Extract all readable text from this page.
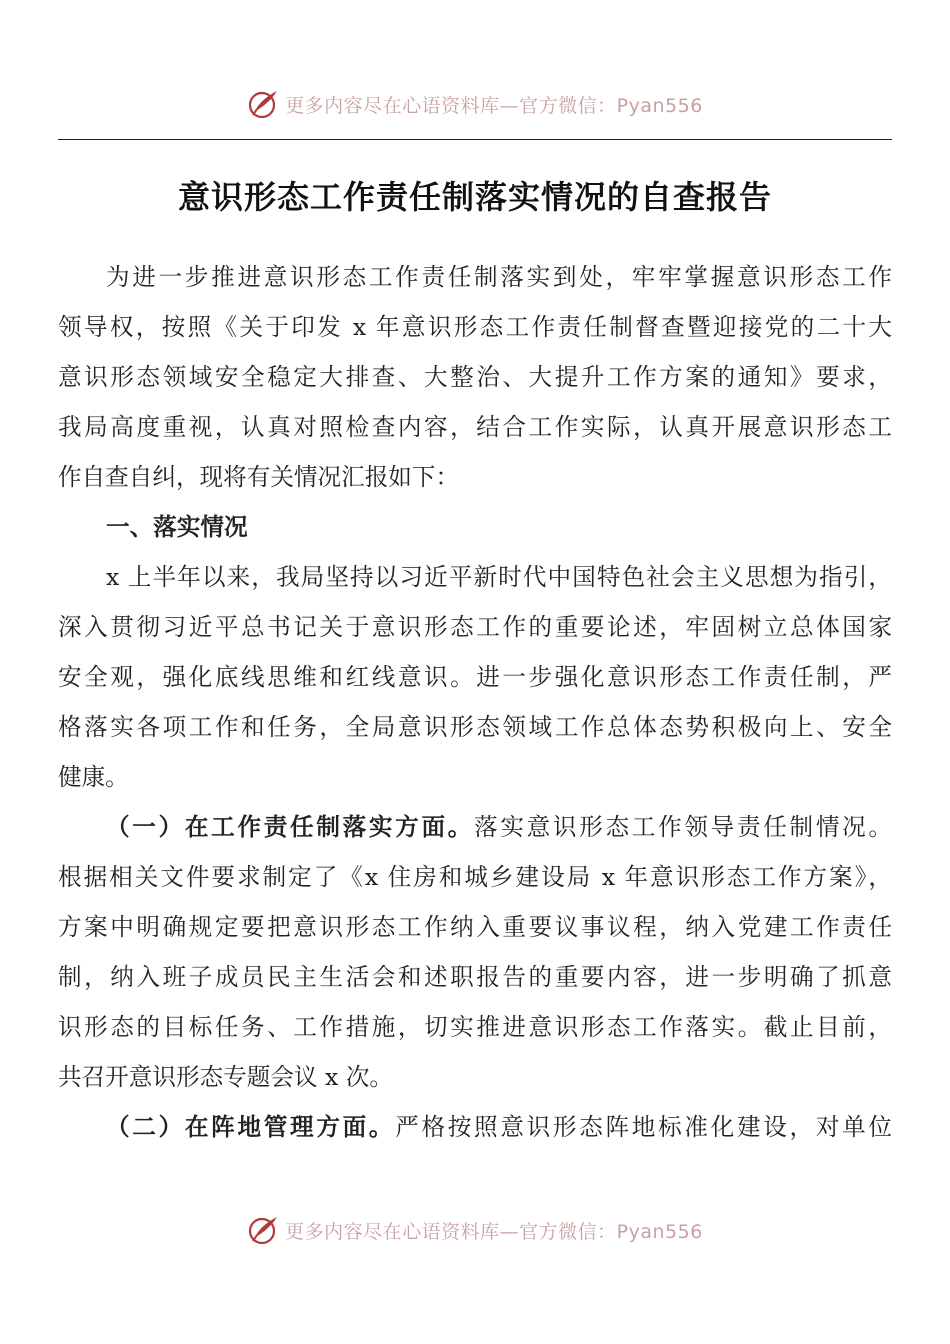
更多内容尽在心语资料库—官方微信：Pyan556
意识形态工作责任制落实情况的自查报告
为进一步推进意识形态工作责任制落实到处，牢牢掌握意识形态工作
领导权，按照《关于印发 x 年意识形态工作责任制督查暨迎接党的二十大
意识形态领域安全稳定大排查、大整治、大提升工作方案的通知》要求，
我局高度重视，认真对照检查内容，结合工作实际，认真开展意识形态工
作自查自纠，现将有关情况汇报如下：
一、落实情况
x 上半年以来，我局坚持以习近平新时代中国特色社会主义思想为指引，
深入贯彻习近平总书记关于意识形态工作的重要论述，牢固树立总体国家
安全观，强化底线思维和红线意识。进一步强化意识形态工作责任制，严
格落实各项工作和任务，全局意识形态领域工作总体态势积极向上、安全
健康。
（一）在工作责任制落实方面。落实意识形态工作领导责任制情况。
根据相关文件要求制定了《x 住房和城乡建设局 x 年意识形态工作方案》，
方案中明确规定要把意识形态工作纳入重要议事议程，纳入党建工作责任
制，纳入班子成员民主生活会和述职报告的重要内容，进一步明确了抓意
识形态的目标任务、工作措施，切实推进意识形态工作落实。截止目前，
共召开意识形态专题会议 x 次。
（二）在阵地管理方面。严格按照意识形态阵地标准化建设，对单位
更多内容尽在心语资料库—官方微信：Pyan556
